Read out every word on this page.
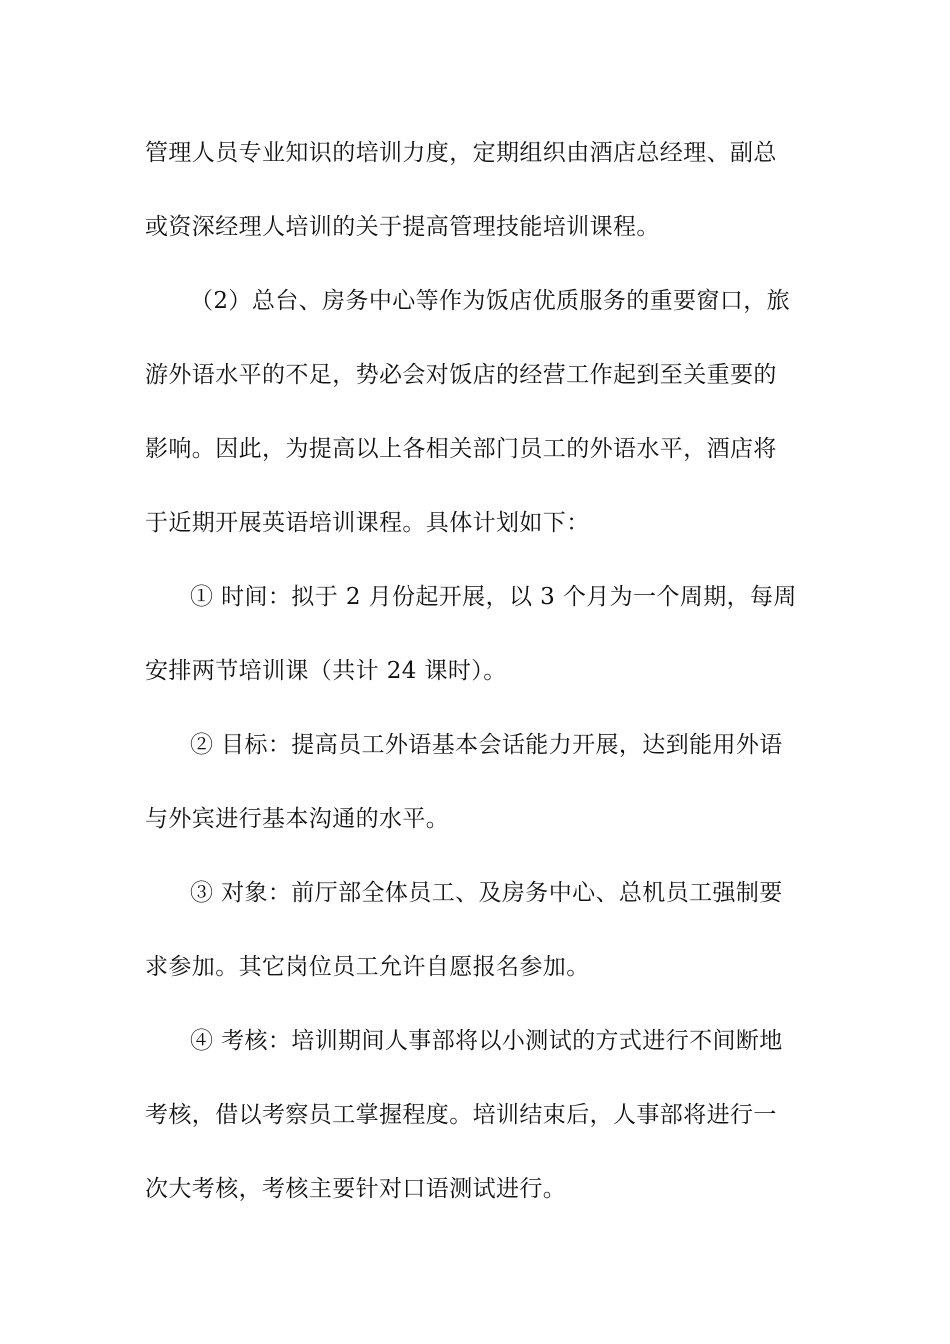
管理人员专业知识的培训力度，定期组织由酒店总经理、副总
或资深经理人培训的关于提高管理技能培训课程。
（2）总台、房务中心等作为饭店优质服务的重要窗口，旅
游外语水平的不足，势必会对饭店的经营工作起到至关重要的
影响。因此，为提高以上各相关部门员工的外语水平，酒店将
于近期开展英语培训课程。具体计划如下：
① 时间：拟于 2 月份起开展，以 3 个月为一个周期，每周
安排两节培训课（共计 24 课时）。
② 目标：提高员工外语基本会话能力开展，达到能用外语
与外宾进行基本沟通的水平。
③ 对象：前厅部全体员工、及房务中心、总机员工强制要
求参加。其它岗位员工允许自愿报名参加。
④ 考核：培训期间人事部将以小测试的方式进行不间断地
考核，借以考察员工掌握程度。培训结束后，人事部将进行一
次大考核，考核主要针对口语测试进行。
